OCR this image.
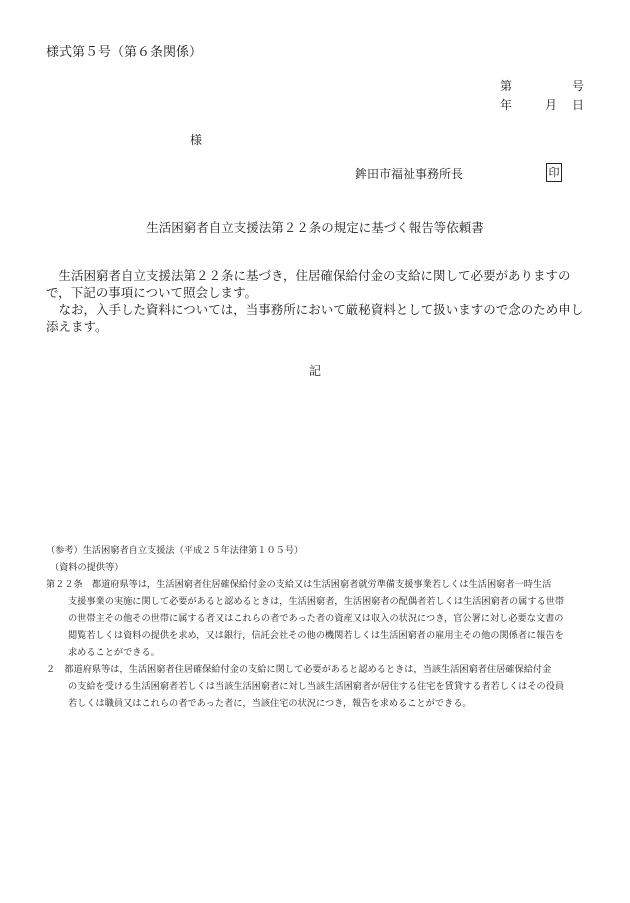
様式第５号（第６条関係）
第	号
年	月 日
様
鉾田市福祉事務所長	印
生活困窮者自立支援法第２２条の規定に基づく報告等依頼書

生活困窮者自立支援法第２２条に基づき，住居確保給付金の支給に関して必要がありますので，下記の事項について照会します。

なお，入手した資料については，当事務所において厳秘資料として扱いますので念のため申し添えます。

記
（参考）生活困窮者自立支援法（平成２５年法律第１０５号）
（資料の提供等）
第２２条　都道府県等は，生活困窮者住居確保給付金の支給又は生活困窮者就労準備支援事業若しくは生活困窮者一時生活
支援事業の実施に関して必要があると認めるときは，生活困窮者，生活困窮者の配偶者若しくは生活困窮者の属する世帯
の世帯主その他その世帯に属する者又はこれらの者であった者の資産又は収入の状況につき，官公署に対し必要な文書の
閲覧若しくは資料の提供を求め，又は銀行，信託会社その他の機関若しくは生活困窮者の雇用主その他の関係者に報告を
求めることができる。
２　都道府県等は，生活困窮者住居確保給付金の支給に関して必要があると認めるときは，当該生活困窮者住居確保給付金
の支給を受ける生活困窮者若しくは当該生活困窮者に対し当該生活困窮者が居住する住宅を賃貸する者若しくはその役員
若しくは職員又はこれらの者であった者に，当該住宅の状況につき，報告を求めることができる。
